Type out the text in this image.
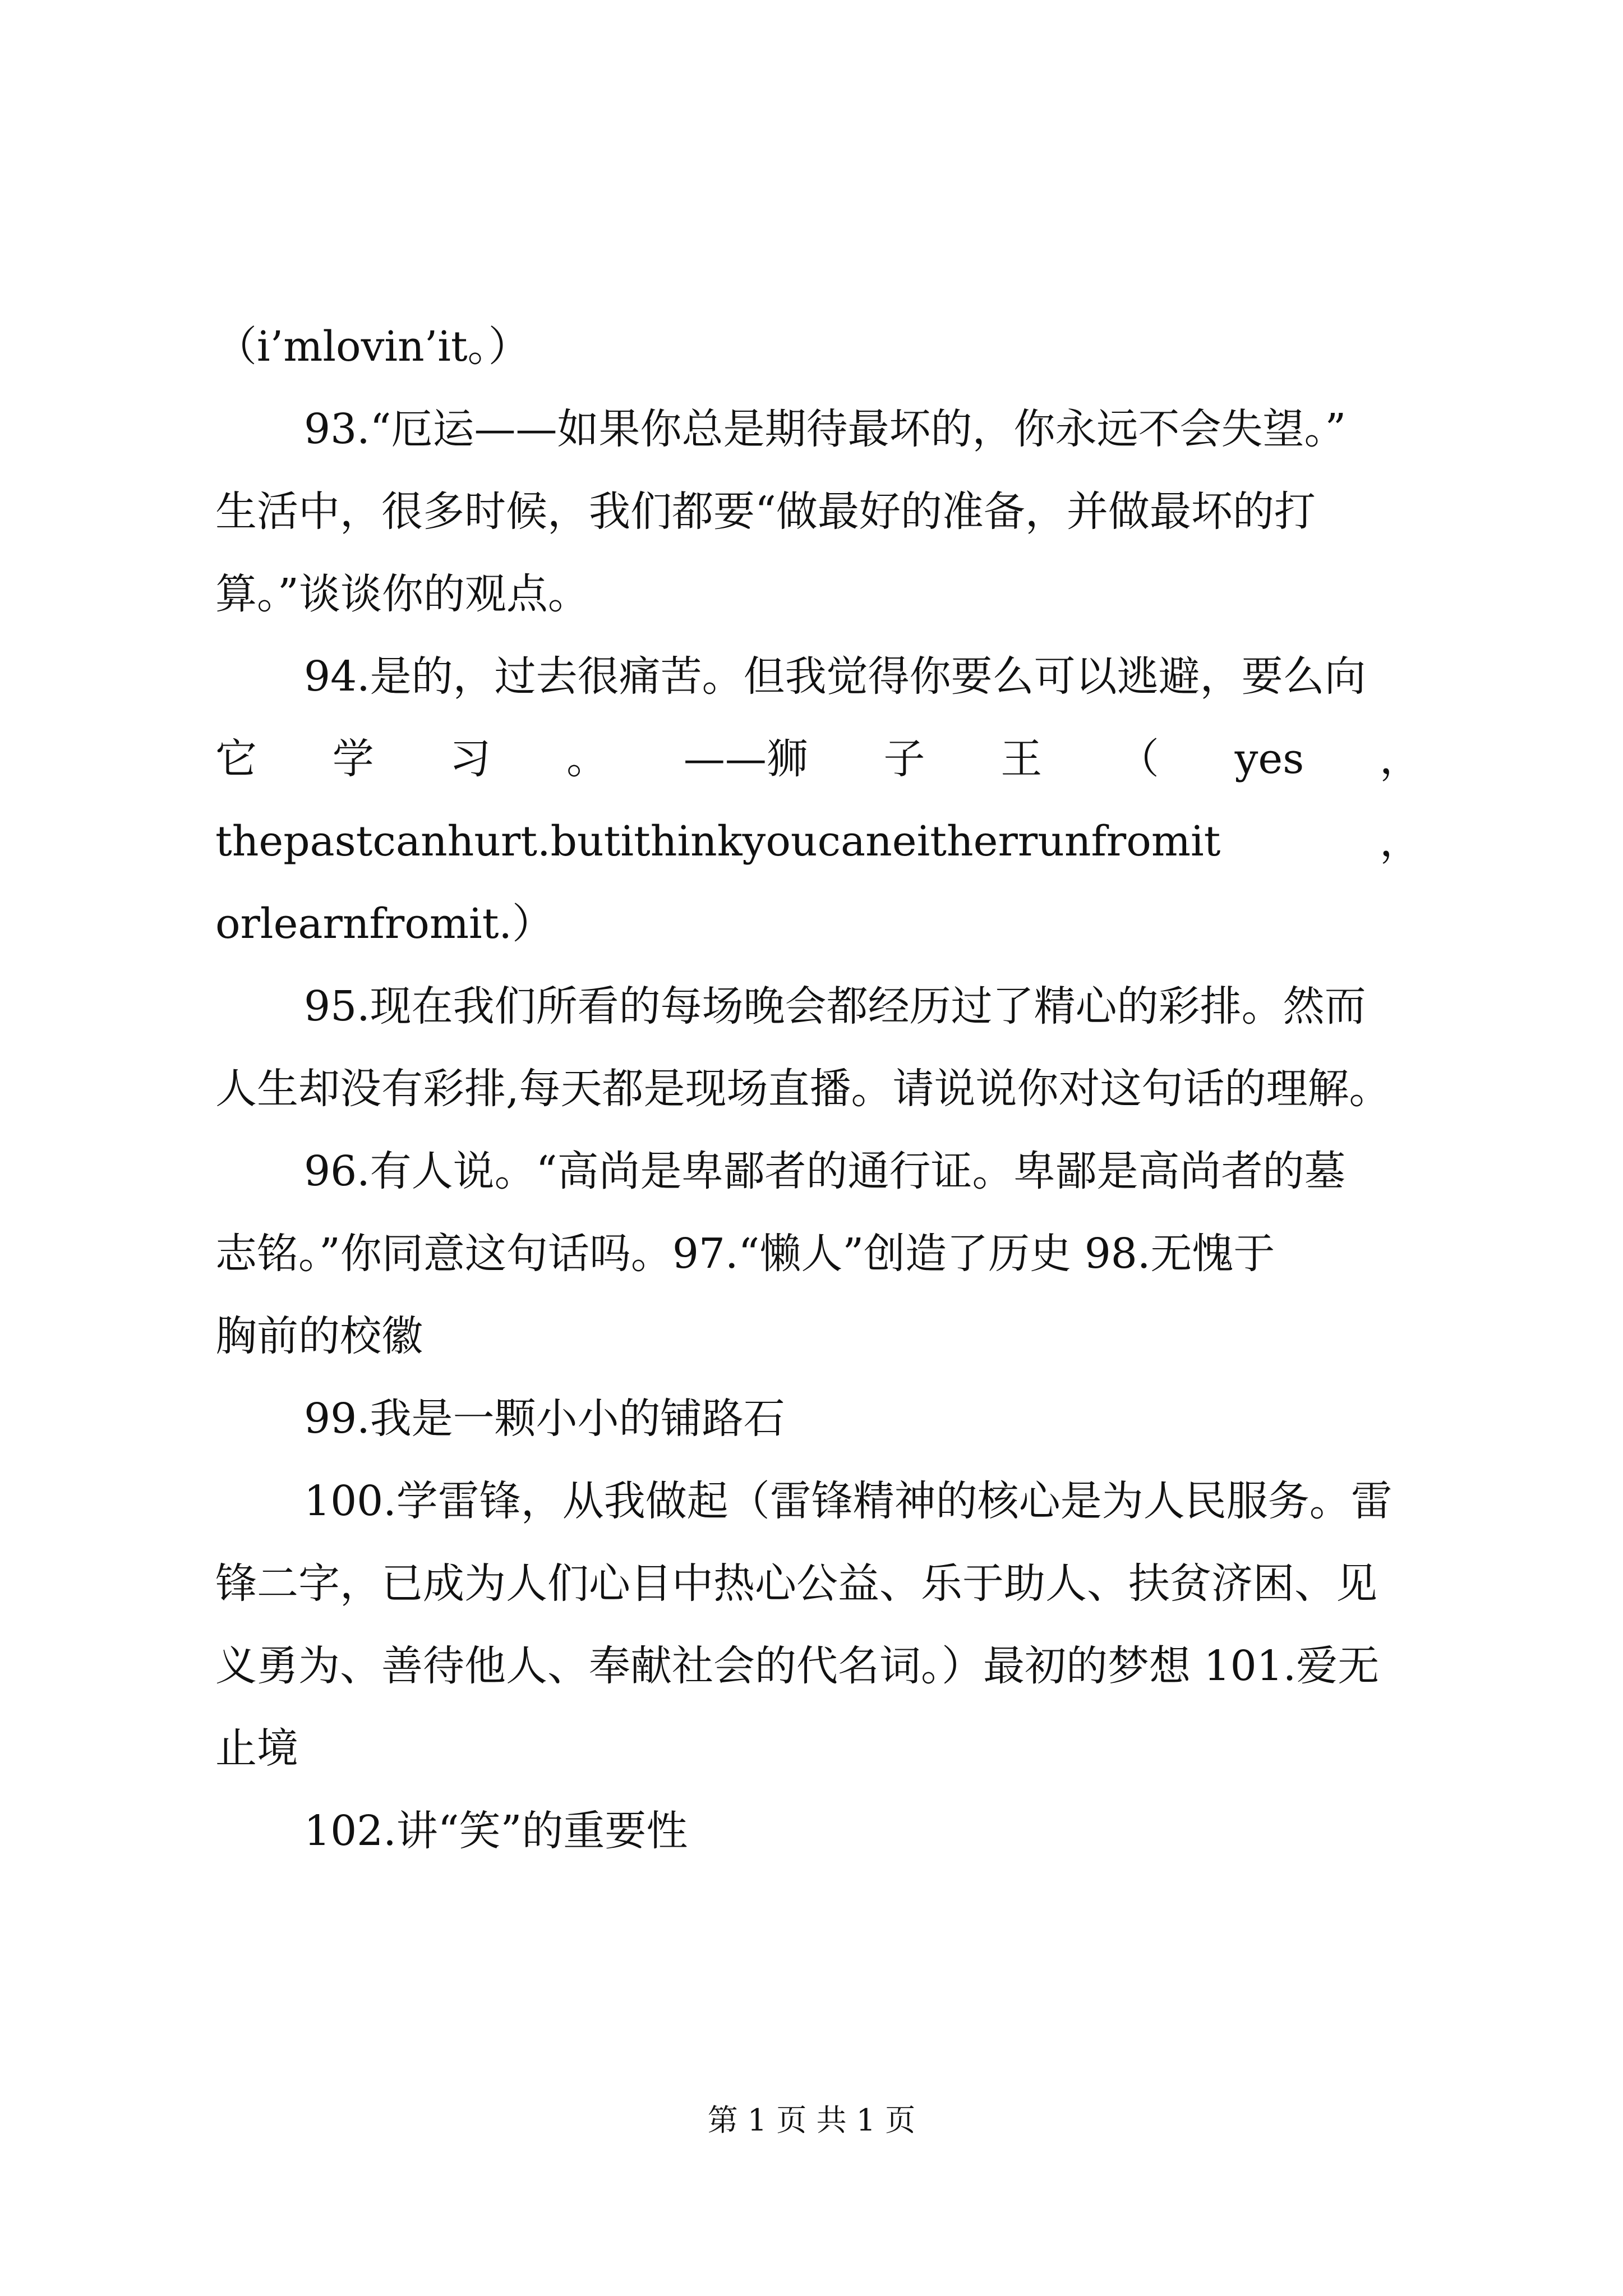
（i’mlovin’it。）
93.“厄运——如果你总是期待最坏的，你永远不会失望。”
生活中，很多时候，我们都要“做最好的准备，并做最坏的打
算。”谈谈你的观点。
94.是的，过去很痛苦。但我觉得你要么可以逃避，要么向
它 学 习 。 ——狮 子 王 （ yes ，
thepastcanhurt.butithinkyoucaneitherrunfromit	，
orlearnfromit.）
95.现在我们所看的每场晚会都经历过了精心的彩排。然而
人生却没有彩排,每天都是现场直播。请说说你对这句话的理解。
96.有人说。“高尚是卑鄙者的通行证。卑鄙是高尚者的墓
志铭。”你同意这句话吗。97.“懒人”创造了历史 98.无愧于
胸前的校徽
99.我是一颗小小的铺路石
100.学雷锋，从我做起（雷锋精神的核心是为人民服务。雷
锋二字，已成为人们心目中热心公益、乐于助人、扶贫济困、见
义勇为、善待他人、奉献社会的代名词。）最初的梦想 101.爱无
止境
102.讲“笑”的重要性
第 1 页 共 1 页
